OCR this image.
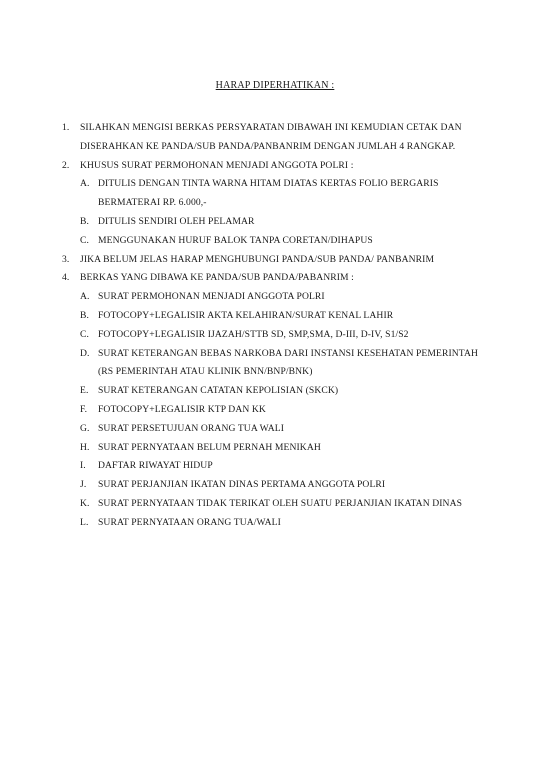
HARAP DIPERHATIKAN :
1.	SILAHKAN MENGISI BERKAS PERSYARATAN DIBAWAH INI KEMUDIAN CETAK DAN DISERAHKAN KE PANDA/SUB PANDA/PANBANRIM DENGAN JUMLAH 4 RANGKAP.
2.	KHUSUS SURAT PERMOHONAN MENJADI ANGGOTA POLRI :
A. DITULIS DENGAN TINTA WARNA HITAM DIATAS KERTAS FOLIO BERGARIS BERMATERAI RP. 6.000,-
B. DITULIS SENDIRI OLEH PELAMAR
C. MENGGUNAKAN HURUF BALOK TANPA CORETAN/DIHAPUS
3.	JIKA BELUM JELAS HARAP MENGHUBUNGI PANDA/SUB PANDA/ PANBANRIM
4.	BERKAS YANG DIBAWA KE PANDA/SUB PANDA/PABANRIM :
A. SURAT PERMOHONAN MENJADI ANGGOTA POLRI
B. FOTOCOPY+LEGALISIR AKTA KELAHIRAN/SURAT KENAL LAHIR
C. FOTOCOPY+LEGALISIR IJAZAH/STTB SD, SMP,SMA, D-III, D-IV, S1/S2
D. SURAT KETERANGAN BEBAS NARKOBA DARI INSTANSI KESEHATAN PEMERINTAH (RS PEMERINTAH ATAU KLINIK BNN/BNP/BNK)
E. SURAT KETERANGAN CATATAN KEPOLISIAN (SKCK)
F.	FOTOCOPY+LEGALISIR KTP DAN KK
G. SURAT PERSETUJUAN ORANG TUA WALI
H. SURAT PERNYATAAN BELUM PERNAH MENIKAH
I.	DAFTAR RIWAYAT HIDUP
J.	SURAT PERJANJIAN IKATAN DINAS PERTAMA ANGGOTA POLRI
K. SURAT PERNYATAAN TIDAK TERIKAT OLEH SUATU PERJANJIAN IKATAN DINAS
L. SURAT PERNYATAAN ORANG TUA/WALI
